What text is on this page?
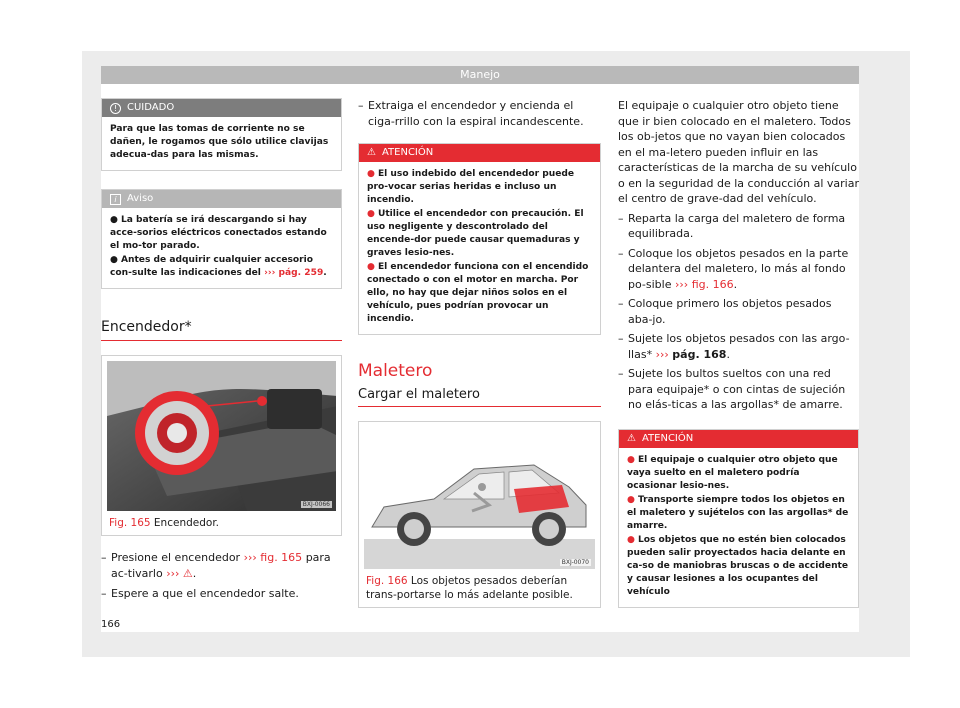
Manejo
! CUIDADO

Para que las tomas de corriente no se dañen, le rogamos que sólo utilice clavijas adecua-das para las mismas.

i	Aviso

● La batería se irá descargando si hay acce-sorios eléctricos conectados estando el mo-tor parado.

● Antes de adquirir cualquier accesorio con-sulte las indicaciones del ››› pág. 259.

Encendedor*
BXJ-0066
Fig. 165 Encendedor.
– Presione el encendedor ››› fig. 165 para ac-tivarlo ››› ⚠.
– Espere a que el encendedor salte.
– Extraiga el encendedor y encienda el ciga-rrillo con la espiral incandescente.
⚠ ATENCIÓN

● El uso indebido del encendedor puede pro-vocar serias heridas e incluso un incendio.

● Utilice el encendedor con precaución. El uso negligente y descontrolado del encende-dor puede causar quemaduras y graves lesio-nes.

● El encendedor funciona con el encendido conectado o con el motor en marcha. Por ello, no hay que dejar niños solos en el vehículo, pues podrían provocar un incendio.

Maletero
Cargar el maletero
BXJ-0070
Fig. 166 Los objetos pesados deberían trans-portarse lo más adelante posible.

El equipaje o cualquier otro objeto tiene que ir bien colocado en el maletero. Todos los ob-jetos que no vayan bien colocados en el ma-letero pueden influir en las características de la marcha de su vehículo o en la seguridad de la conducción al variar el centro de grave-dad del vehículo.

– Reparta la carga del maletero de forma equilibrada.
– Coloque los objetos pesados en la parte delantera del maletero, lo más al fondo po-sible ››› fig. 166.
– Coloque primero los objetos pesados aba-jo.
– Sujete los objetos pesados con las argo-llas* ››› pág. 168.
– Sujete los bultos sueltos con una red para equipaje* o con cintas de sujeción no elás-ticas a las argollas* de amarre.
⚠ ATENCIÓN

● El equipaje o cualquier otro objeto que vaya suelto en el maletero podría ocasionar lesio-nes.

● Transporte siempre todos los objetos en el maletero y sujételos con las argollas* de amarre.

● Los objetos que no estén bien colocados pueden salir proyectados hacia delante en ca-so de maniobras bruscas o de accidente y causar lesiones a los ocupantes del vehículo

166
